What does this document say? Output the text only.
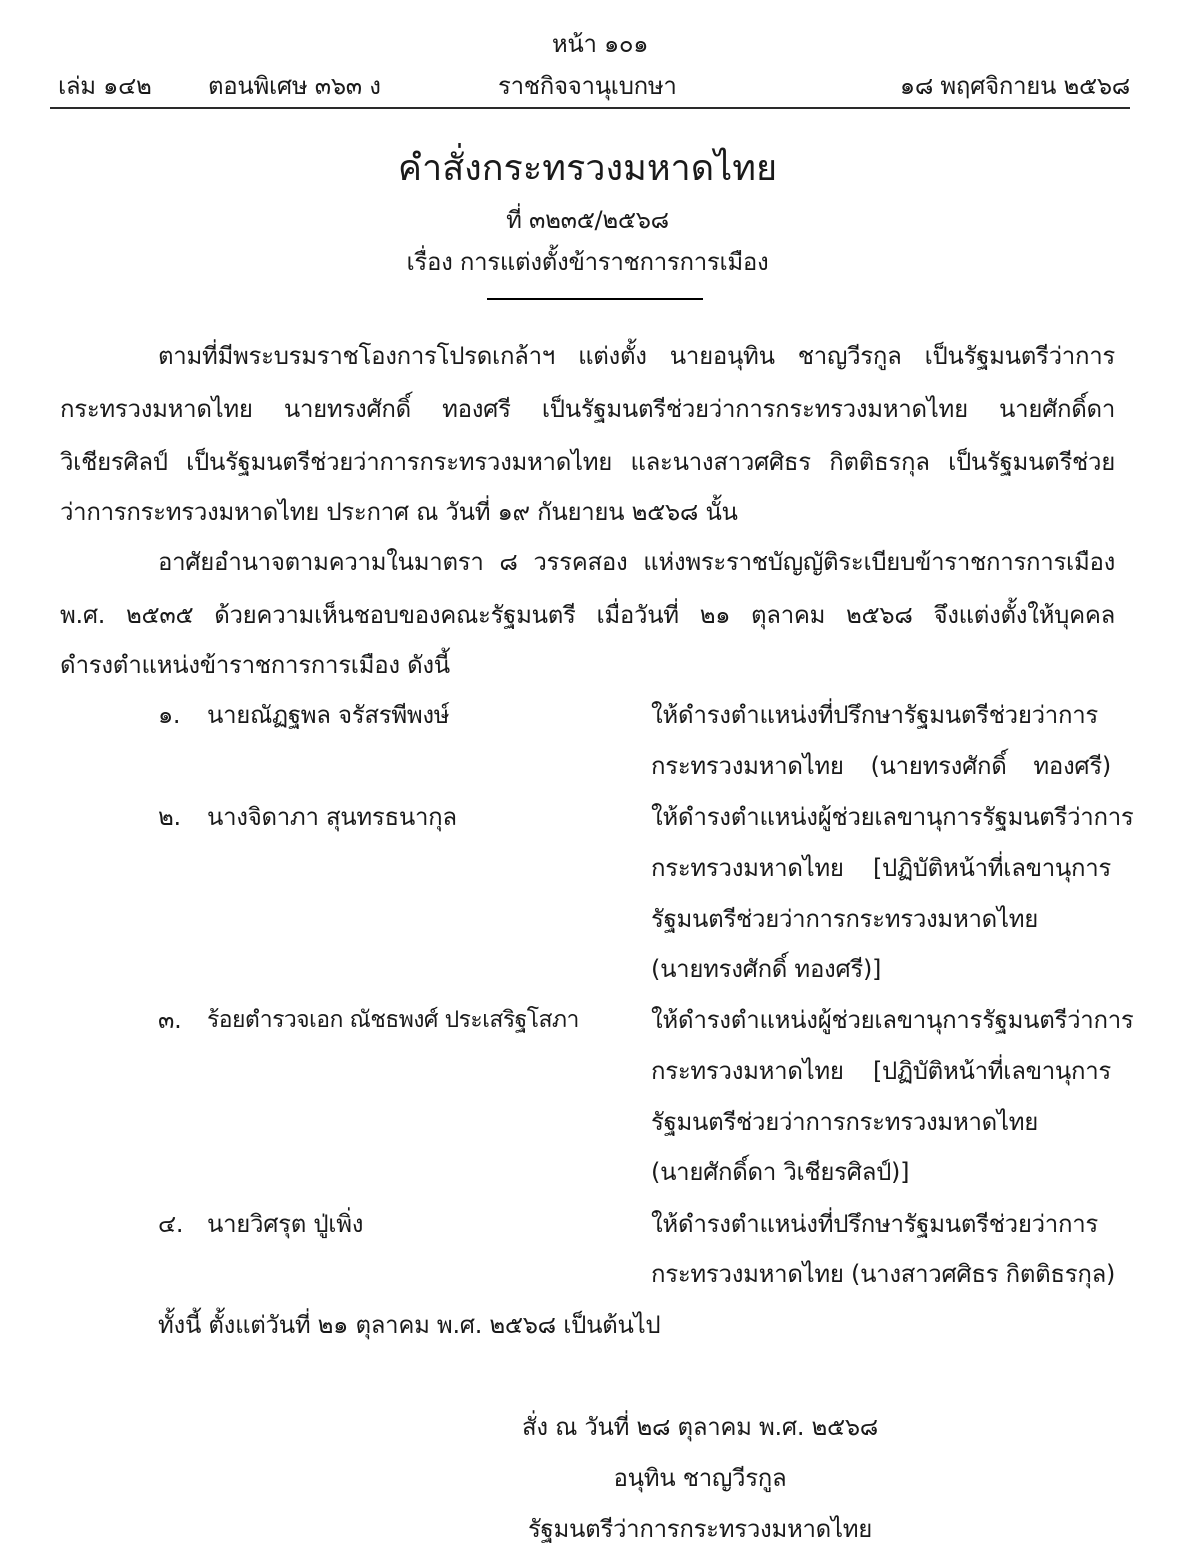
หน้า ๑๐๑
เล่ม ๑๔๒ ตอนพิเศษ ๓๖๓ ง	ราชกิจจานุเบกษา	๑๘ พฤศจิกายน ๒๕๖๘
คำสั่งกระทรวงมหาดไทย
ที่ ๓๒๓๕/๒๕๖๘
เรื่อง การแต่งตั้งข้าราชการการเมือง
ตามที่มีพระบรมราชโองการโปรดเกล้าฯ แต่งตั้ง นายอนุทิน ชาญวีรกูล เป็นรัฐมนตรีว่าการ
กระทรวงมหาดไทย นายทรงศักดิ์ ทองศรี เป็นรัฐมนตรีช่วยว่าการกระทรวงมหาดไทย นายศักดิ์ดา
วิเชียรศิลป์ เป็นรัฐมนตรีช่วยว่าการกระทรวงมหาดไทย และนางสาวศศิธร กิตติธรกุล เป็นรัฐมนตรีช่วย
ว่าการกระทรวงมหาดไทย ประกาศ ณ วันที่ ๑๙ กันยายน ๒๕๖๘ นั้น
อาศัยอำนาจตามความในมาตรา ๘ วรรคสอง แห่งพระราชบัญญัติระเบียบข้าราชการการเมือง
พ.ศ. ๒๕๓๕ ด้วยความเห็นชอบของคณะรัฐมนตรี เมื่อวันที่ ๒๑ ตุลาคม ๒๕๖๘ จึงแต่งตั้งให้บุคคล
ดำรงตำแหน่งข้าราชการการเมือง ดังนี้
๑. นายณัฏฐพล จรัสรพีพงษ์	ให้ดำรงตำแหน่งที่ปรึกษารัฐมนตรีช่วยว่าการ
กระทรวงมหาดไทย (นายทรงศักดิ์ ทองศรี)
๒. นางจิดาภา สุนทรธนากุล	ให้ดำรงตำแหน่งผู้ช่วยเลขานุการรัฐมนตรีว่าการ
กระทรวงมหาดไทย [ปฏิบัติหน้าที่เลขานุการ
รัฐมนตรีช่วยว่าการกระทรวงมหาดไทย
(นายทรงศักดิ์ ทองศรี)]
๓. ร้อยตำรวจเอก ณัชธพงศ์ ประเสริฐโสภา	ให้ดำรงตำแหน่งผู้ช่วยเลขานุการรัฐมนตรีว่าการ
กระทรวงมหาดไทย [ปฏิบัติหน้าที่เลขานุการ
รัฐมนตรีช่วยว่าการกระทรวงมหาดไทย
(นายศักดิ์ดา วิเชียรศิลป์)]
๔. นายวิศรุต ปู่เพิ่ง	ให้ดำรงตำแหน่งที่ปรึกษารัฐมนตรีช่วยว่าการ
กระทรวงมหาดไทย (นางสาวศศิธร กิตติธรกุล)
ทั้งนี้ ตั้งแต่วันที่ ๒๑ ตุลาคม พ.ศ. ๒๕๖๘ เป็นต้นไป
สั่ง ณ วันที่ ๒๘ ตุลาคม พ.ศ. ๒๕๖๘
อนุทิน ชาญวีรกูล
รัฐมนตรีว่าการกระทรวงมหาดไทย
